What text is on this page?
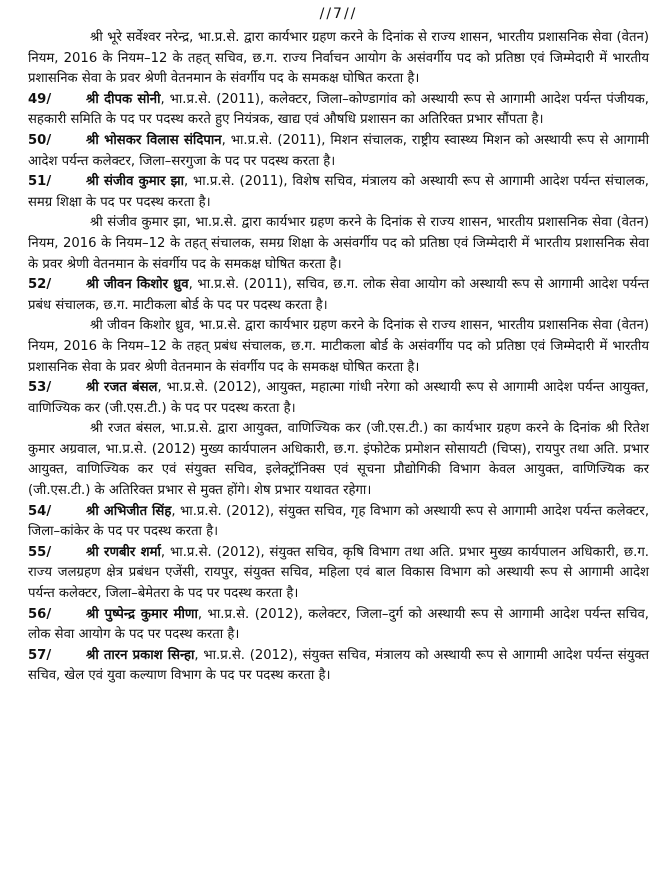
//7//

श्री भूरे सर्वेश्वर नरेन्द्र, भा.प्र.से. द्वारा कार्यभार ग्रहण करने के दिनांक से राज्य शासन, भारतीय प्रशासनिक सेवा (वेतन) नियम, 2016 के नियम–12 के तहत् सचिव, छ.ग. राज्य निर्वाचन आयोग के असंवर्गीय पद को प्रतिष्ठा एवं जिम्मेदारी में भारतीय प्रशासनिक सेवा के प्रवर श्रेणी वेतनमान के संवर्गीय पद के समकक्ष घोषित करता है।

49/	श्री दीपक सोनी, भा.प्र.से. (2011), कलेक्टर, जिला–कोण्डागांव को अस्थायी रूप से आगामी आदेश पर्यन्त पंजीयक, सहकारी समिति के पद पर पदस्थ करते हुए नियंत्रक, खाद्य एवं औषधि प्रशासन का अतिरिक्त प्रभार सौंपता है।

50/	श्री भोसकर विलास संदिपान, भा.प्र.से. (2011), मिशन संचालक, राष्ट्रीय स्वास्थ्य मिशन को अस्थायी रूप से आगामी आदेश पर्यन्त कलेक्टर, जिला–सरगुजा के पद पर पदस्थ करता है।

51/	श्री संजीव कुमार झा, भा.प्र.से. (2011), विशेष सचिव, मंत्रालय को अस्थायी रूप से आगामी आदेश पर्यन्त संचालक, समग्र शिक्षा के पद पर पदस्थ करता है।

श्री संजीव कुमार झा, भा.प्र.से. द्वारा कार्यभार ग्रहण करने के दिनांक से राज्य शासन, भारतीय प्रशासनिक सेवा (वेतन) नियम, 2016 के नियम–12 के तहत् संचालक, समग्र शिक्षा के असंवर्गीय पद को प्रतिष्ठा एवं जिम्मेदारी में भारतीय प्रशासनिक सेवा के प्रवर श्रेणी वेतनमान के संवर्गीय पद के समकक्ष घोषित करता है।

52/	श्री जीवन किशोर ध्रुव, भा.प्र.से. (2011), सचिव, छ.ग. लोक सेवा आयोग को अस्थायी रूप से आगामी आदेश पर्यन्त प्रबंध संचालक, छ.ग. माटीकला बोर्ड के पद पर पदस्थ करता है।

श्री जीवन किशोर ध्रुव, भा.प्र.से. द्वारा कार्यभार ग्रहण करने के दिनांक से राज्य शासन, भारतीय प्रशासनिक सेवा (वेतन) नियम, 2016 के नियम–12 के तहत् प्रबंध संचालक, छ.ग. माटीकला बोर्ड के असंवर्गीय पद को प्रतिष्ठा एवं जिम्मेदारी में भारतीय प्रशासनिक सेवा के प्रवर श्रेणी वेतनमान के संवर्गीय पद के समकक्ष घोषित करता है।

53/	श्री रजत बंसल, भा.प्र.से. (2012), आयुक्त, महात्मा गांधी नरेगा को अस्थायी रूप से आगामी आदेश पर्यन्त आयुक्त, वाणिज्यिक कर (जी.एस.टी.) के पद पर पदस्थ करता है।

श्री रजत बंसल, भा.प्र.से. द्वारा आयुक्त, वाणिज्यिक कर (जी.एस.टी.) का कार्यभार ग्रहण करने के दिनांक श्री रितेश कुमार अग्रवाल, भा.प्र.से. (2012) मुख्य कार्यपालन अधिकारी, छ.ग. इंफोटेक प्रमोशन सोसायटी (चिप्स), रायपुर तथा अति. प्रभार आयुक्त, वाणिज्यिक कर एवं संयुक्त सचिव, इलेक्ट्रॉनिक्स एवं सूचना प्रौद्योगिकी विभाग केवल आयुक्त, वाणिज्यिक कर (जी.एस.टी.) के अतिरिक्त प्रभार से मुक्त होंगे। शेष प्रभार यथावत रहेगा।

54/	श्री अभिजीत सिंह, भा.प्र.से. (2012), संयुक्त सचिव, गृह विभाग को अस्थायी रूप से आगामी आदेश पर्यन्त कलेक्टर, जिला–कांकेर के पद पर पदस्थ करता है।

55/	श्री रणबीर शर्मा, भा.प्र.से. (2012), संयुक्त सचिव, कृषि विभाग तथा अति. प्रभार मुख्य कार्यपालन अधिकारी, छ.ग. राज्य जलग्रहण क्षेत्र प्रबंधन एजेंसी, रायपुर, संयुक्त सचिव, महिला एवं बाल विकास विभाग को अस्थायी रूप से आगामी आदेश पर्यन्त कलेक्टर, जिला–बेमेतरा के पद पर पदस्थ करता है।

56/	श्री पुष्पेन्द्र कुमार मीणा, भा.प्र.से. (2012), कलेक्टर, जिला–दुर्ग को अस्थायी रूप से आगामी आदेश पर्यन्त सचिव, लोक सेवा आयोग के पद पर पदस्थ करता है।

57/	श्री तारन प्रकाश सिन्हा, भा.प्र.से. (2012), संयुक्त सचिव, मंत्रालय को अस्थायी रूप से आगामी आदेश पर्यन्त संयुक्त सचिव, खेल एवं युवा कल्याण विभाग के पद पर पदस्थ करता है।
